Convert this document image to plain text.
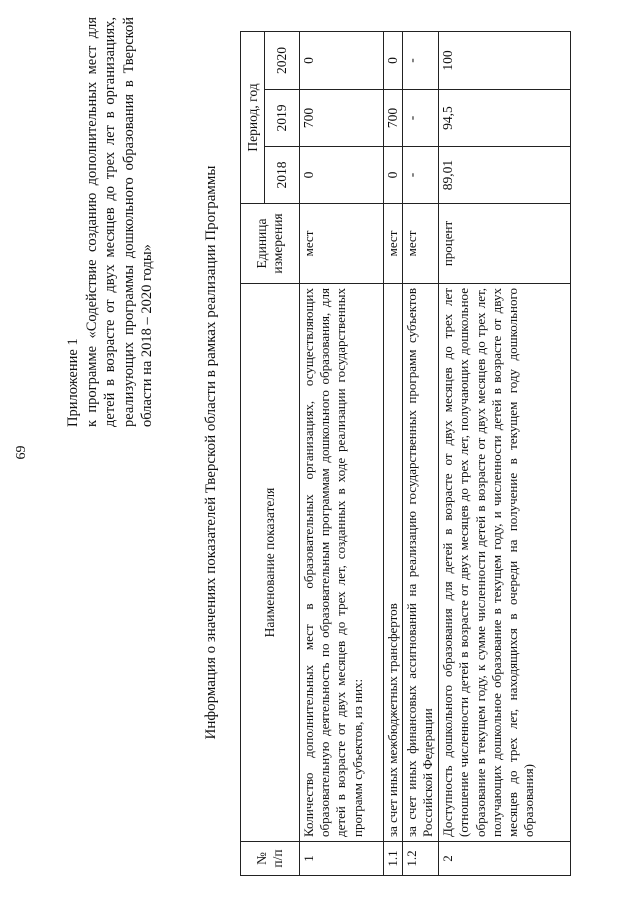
69
Приложение 1 к программе «Содействие созданию дополнительных мест для детей в возрасте от двух месяцев до трех лет в организациях, реализующих программы дошкольного образования в Тверской области на 2018 – 2020 годы»	Информация о значениях показателей Тверской области в рамках реализации Программы
№ п/п	Наименование показателя	Единица измерения	Период, год		
			2018	2019	2020
1	Количество дополнительных мест в образовательных организациях, осуществляющих образовательную деятельность по образовательным программам дошкольного образования, для детей в возрасте от двух месяцев до трех лет, созданных в ходе реализации государственных программ субъектов, из них:	мест	0	700	0
1.1	за счет иных межбюджетных трансфертов	мест	0	700	0
1.2	за счет иных финансовых ассигнований на реализацию государственных программ субъектов Российской Федерации	мест	-	-	-
2	Доступность дошкольного образования для детей в возрасте от двух месяцев до трех лет (отношение численности детей в возрасте от двух месяцев до трех лет, получающих дошкольное образование в текущем году, к сумме численности детей в возрасте от двух месяцев до трех лет, получающих дошкольное образование в текущем году, и численности детей в возрасте от двух месяцев до трех лет, находящихся в очереди на получение в текущем году дошкольного образования)	процент	89,01	94,5	100
